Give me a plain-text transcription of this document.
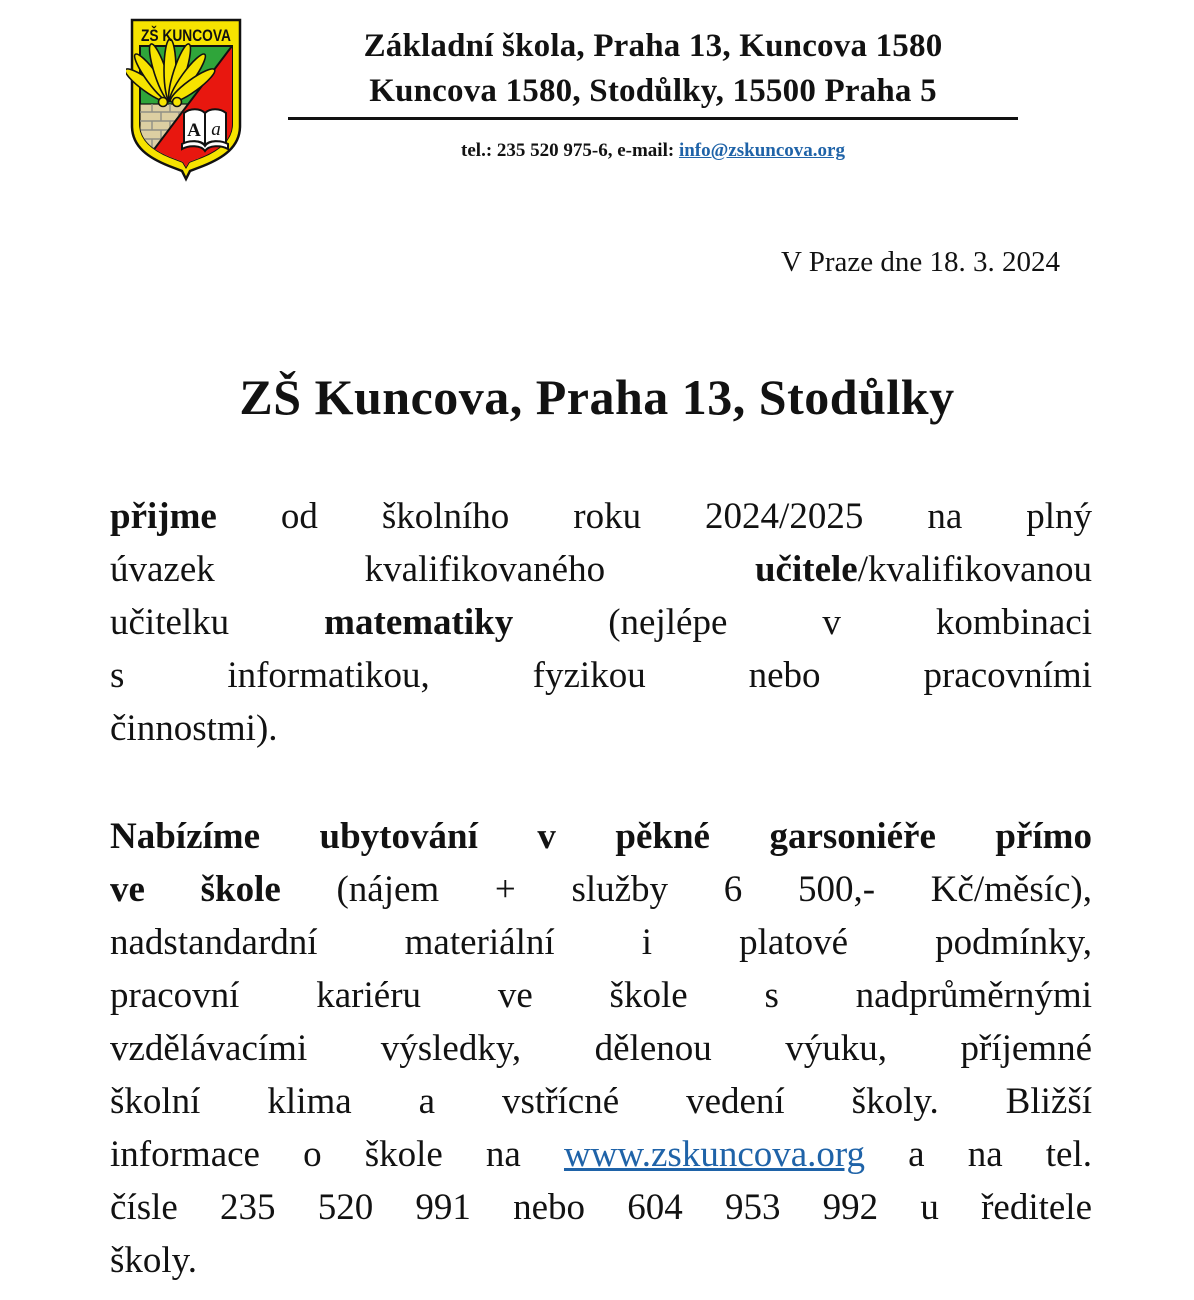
A a
ZŠ KUNCOVA	Základní škola, Praha 13, Kuncova 1580
Kuncova 1580, Stodůlky, 15500 Praha 5
tel.: 235 520 975-6, e-mail: info@zskuncova.org
V Praze dne 18. 3. 2024
ZŠ Kuncova, Praha 13, Stodůlky
přijme od školního roku 2024/2025 na plný
úvazek kvalifikovaného učitele/kvalifikovanou
učitelku matematiky (nejlépe v kombinaci
s informatikou, fyzikou nebo pracovními
činnostmi).
Nabízíme ubytování v pěkné garsoniéře přímo
ve škole (nájem + služby 6 500,- Kč/měsíc),
nadstandardní materiální i platové podmínky,
pracovní kariéru ve škole s nadprůměrnými
vzdělávacími výsledky, dělenou výuku, příjemné
školní klima a vstřícné vedení školy. Bližší
informace o škole na www.zskuncova.org a na tel.
čísle 235 520 991 nebo 604 953 992 u ředitele
školy.
